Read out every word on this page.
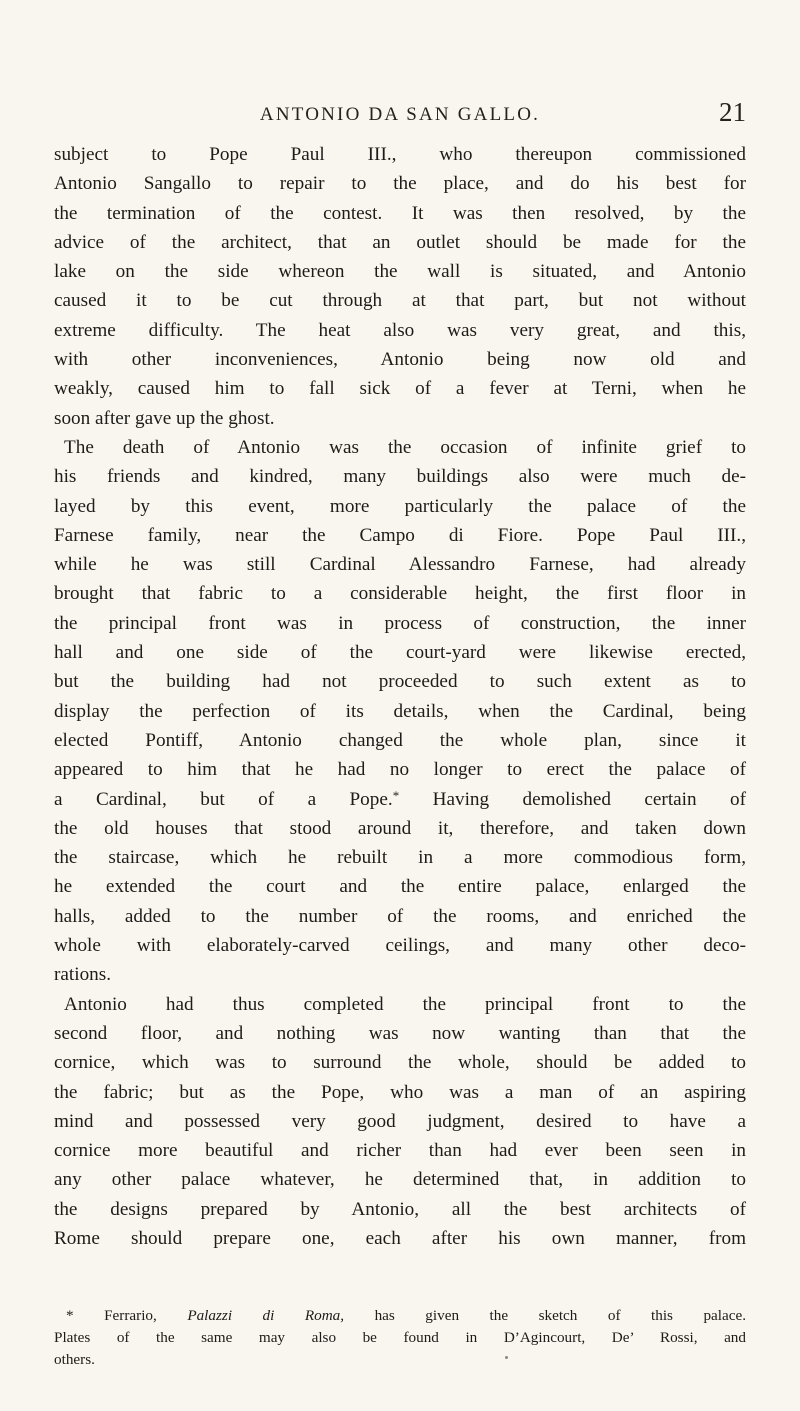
ANTONIO DA SAN GALLO.	21
subject to Pope Paul III., who thereupon commissioned
Antonio Sangallo to repair to the place, and do his best for
the termination of the contest. It was then resolved, by the
advice of the architect, that an outlet should be made for the
lake on the side whereon the wall is situated, and Antonio
caused it to be cut through at that part, but not without
extreme difficulty. The heat also was very great, and this,
with other inconveniences, Antonio being now old and
weakly, caused him to fall sick of a fever at Terni, when he
soon after gave up the ghost.
The death of Antonio was the occasion of infinite grief to
his friends and kindred, many buildings also were much de-
layed by this event, more particularly the palace of the
Farnese family, near the Campo di Fiore. Pope Paul III.,
while he was still Cardinal Alessandro Farnese, had already
brought that fabric to a considerable height, the first floor in
the principal front was in process of construction, the inner
hall and one side of the court-yard were likewise erected,
but the building had not proceeded to such extent as to
display the perfection of its details, when the Cardinal, being
elected Pontiff, Antonio changed the whole plan, since it
appeared to him that he had no longer to erect the palace of
a Cardinal, but of a Pope.* Having demolished certain of
the old houses that stood around it, therefore, and taken down
the staircase, which he rebuilt in a more commodious form,
he extended the court and the entire palace, enlarged the
halls, added to the number of the rooms, and enriched the
whole with elaborately-carved ceilings, and many other deco-
rations.
Antonio had thus completed the principal front to the
second floor, and nothing was now wanting than that the
cornice, which was to surround the whole, should be added to
the fabric; but as the Pope, who was a man of an aspiring
mind and possessed very good judgment, desired to have a
cornice more beautiful and richer than had ever been seen in
any other palace whatever, he determined that, in addition to
the designs prepared by Antonio, all the best architects of
Rome should prepare one, each after his own manner, from
* Ferrario, Palazzi di Roma, has given the sketch of this palace.
Plates of the same may also be found in D’Agincourt, De’ Rossi, and
others.
